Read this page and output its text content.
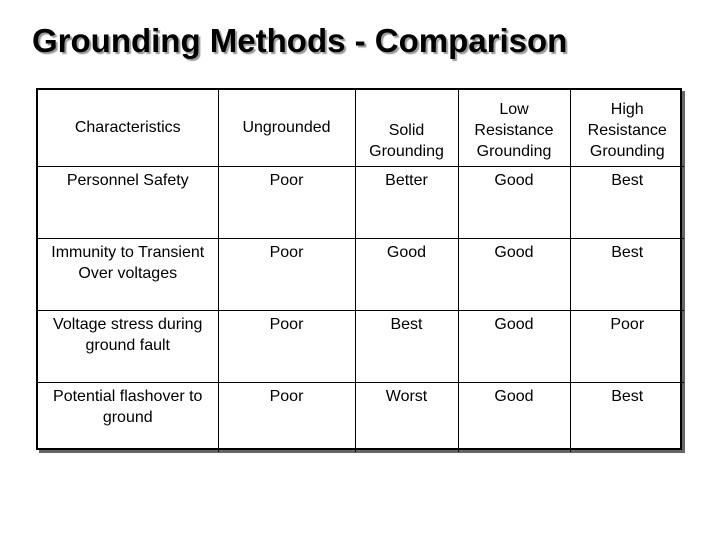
Grounding Methods - Comparison
Characteristics	Ungrounded	Solid Grounding	Low Resistance Grounding	High Resistance Grounding
Personnel Safety	Poor	Better	Good	Best
Immunity to Transient Over voltages	Poor	Good	Good	Best
Voltage stress during ground fault	Poor	Best	Good	Poor
Potential flashover to ground	Poor	Worst	Good	Best
